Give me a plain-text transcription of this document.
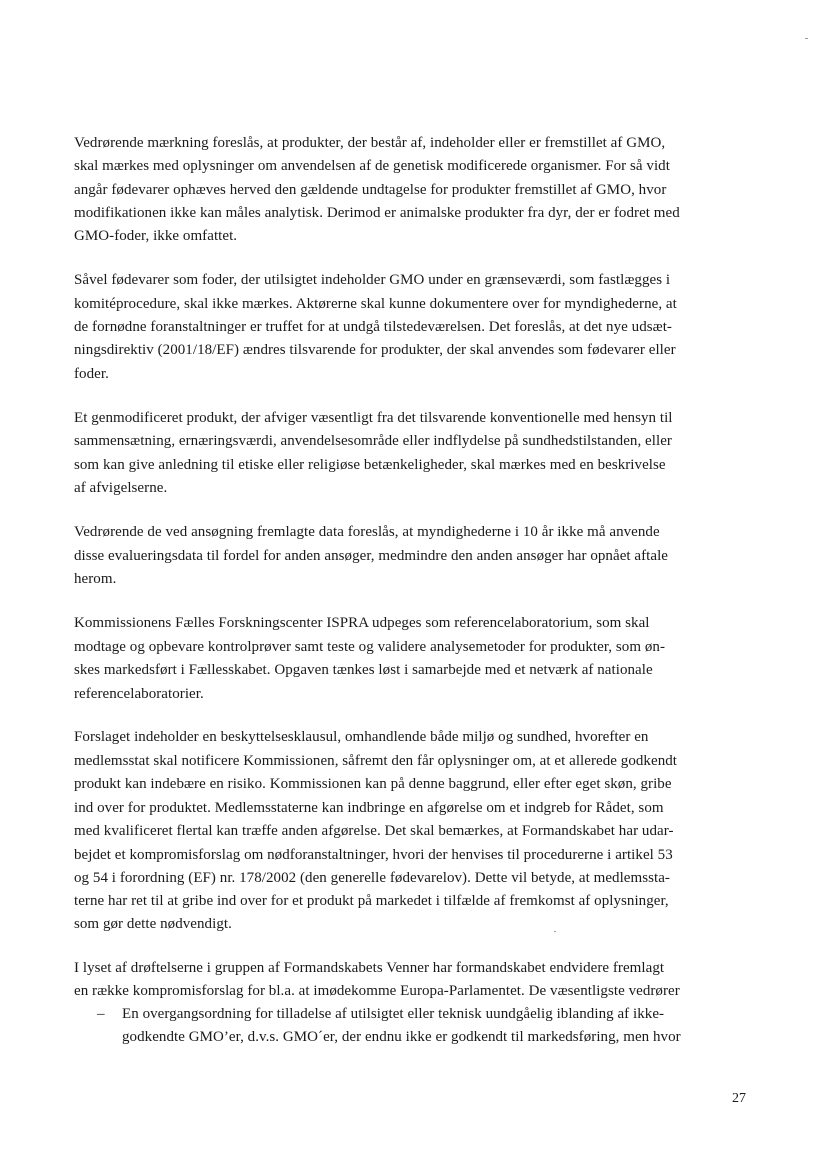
Vedrørende mærkning foreslås, at produkter, der består af, indeholder eller er fremstillet af GMO,
skal mærkes med oplysninger om anvendelsen af de genetisk modificerede organismer. For så vidt
angår fødevarer ophæves herved den gældende undtagelse for produkter fremstillet af GMO, hvor
modifikationen ikke kan måles analytisk. Derimod er animalske produkter fra dyr, der er fodret med
GMO-foder, ikke omfattet.
Såvel fødevarer som foder, der utilsigtet indeholder GMO under en grænseværdi, som fastlægges i
komitéprocedure, skal ikke mærkes. Aktørerne skal kunne dokumentere over for myndighederne, at
de fornødne foranstaltninger er truffet for at undgå tilstedeværelsen. Det foreslås, at det nye udsæt-
ningsdirektiv (2001/18/EF) ændres tilsvarende for produkter, der skal anvendes som fødevarer eller
foder.
Et genmodificeret produkt, der afviger væsentligt fra det tilsvarende konventionelle med hensyn til
sammensætning, ernæringsværdi, anvendelsesområde eller indflydelse på sundhedstilstanden, eller
som kan give anledning til etiske eller religiøse betænkeligheder, skal mærkes med en beskrivelse
af afvigelserne.
Vedrørende de ved ansøgning fremlagte data foreslås, at myndighederne i 10 år ikke må anvende
disse evalueringsdata til fordel for anden ansøger, medmindre den anden ansøger har opnået aftale
herom.
Kommissionens Fælles Forskningscenter ISPRA udpeges som referencelaboratorium, som skal
modtage og opbevare kontrolprøver samt teste og validere analysemetoder for produkter, som øn-
skes markedsført i Fællesskabet. Opgaven tænkes løst i samarbejde med et netværk af nationale
referencelaboratorier.
Forslaget indeholder en beskyttelsesklausul, omhandlende både miljø og sundhed, hvorefter en
medlemsstat skal notificere Kommissionen, såfremt den får oplysninger om, at et allerede godkendt
produkt kan indebære en risiko. Kommissionen kan på denne baggrund, eller efter eget skøn, gribe
ind over for produktet. Medlemsstaterne kan indbringe en afgørelse om et indgreb for Rådet, som
med kvalificeret flertal kan træffe anden afgørelse. Det skal bemærkes, at Formandskabet har udar-
bejdet et kompromisforslag om nødforanstaltninger, hvori der henvises til procedurerne i artikel 53
og 54 i forordning (EF) nr. 178/2002 (den generelle fødevarelov). Dette vil betyde, at medlemssta-
terne har ret til at gribe ind over for et produkt på markedet i tilfælde af fremkomst af oplysninger,
som gør dette nødvendigt.
I lyset af drøftelserne i gruppen af Formandskabets Venner har formandskabet endvidere fremlagt
en række kompromisforslag for bl.a. at imødekomme Europa-Parlamentet. De væsentligste vedrører
– En overgangsordning for tilladelse af utilsigtet eller teknisk uundgåelig iblanding af ikke-
godkendte GMO’er, d.v.s. GMO´er, der endnu ikke er godkendt til markedsføring, men hvor
27
